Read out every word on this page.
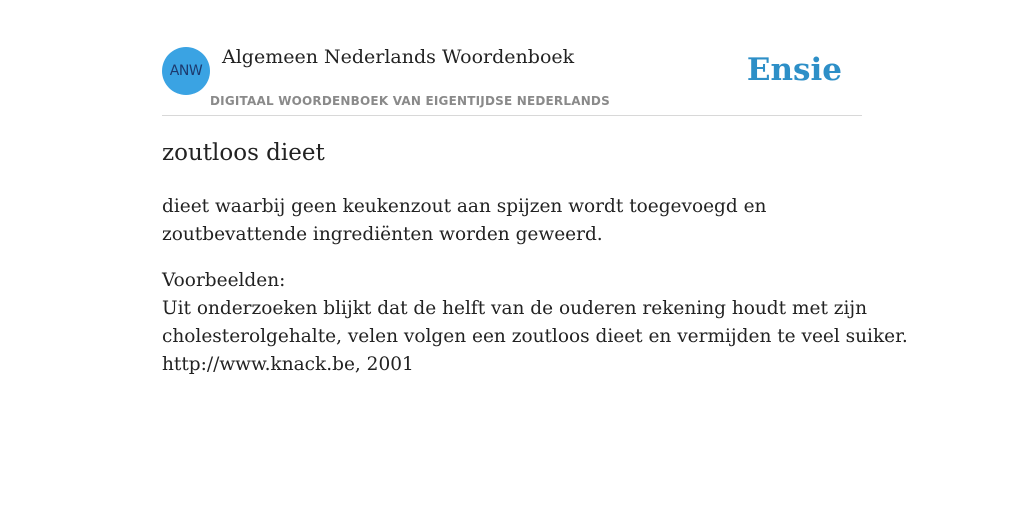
ANW
Algemeen Nederlands Woordenboek
DIGITAAL WOORDENBOEK VAN EIGENTIJDSE NEDERLANDS
Ensie
zoutloos dieet
dieet waarbij geen keukenzout aan spijzen wordt toegevoegd en zoutbevattende ingrediënten worden geweerd.
Voorbeelden:
Uit onderzoeken blijkt dat de helft van de ouderen rekening houdt met zijn
cholesterolgehalte, velen volgen een zoutloos dieet en vermijden te veel suiker.
http://www.knack.be, 2001
